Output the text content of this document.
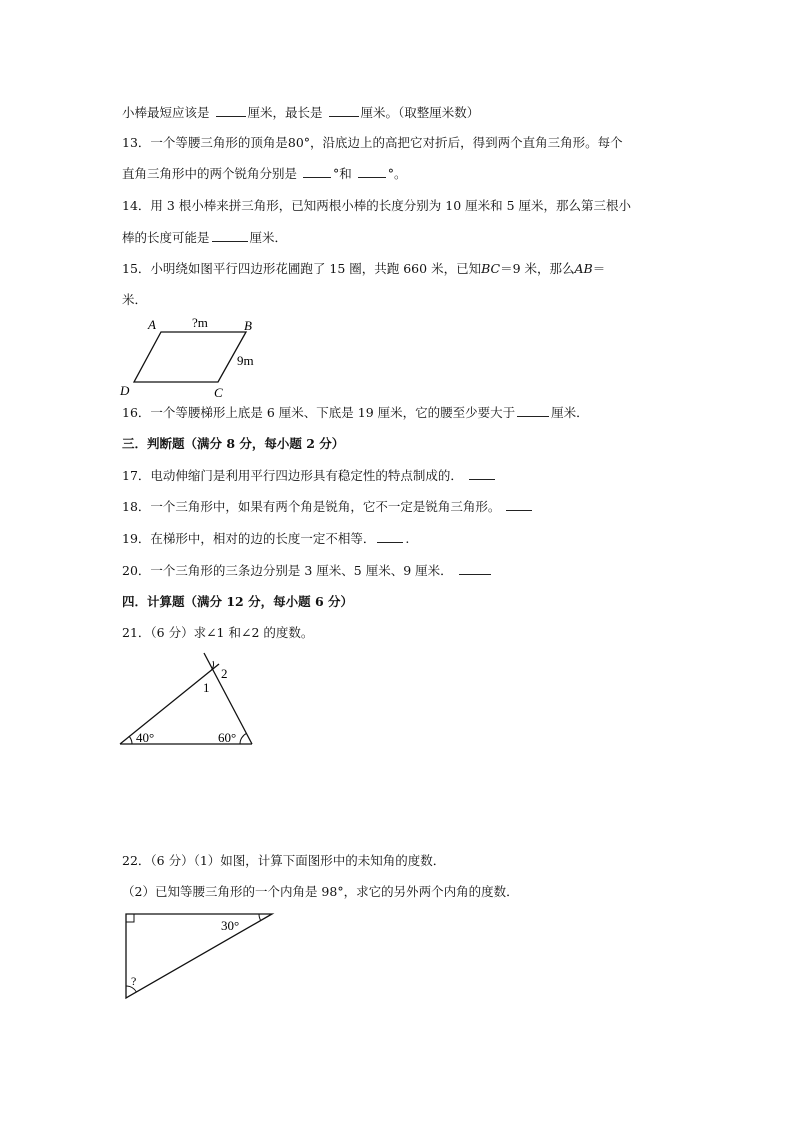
小棒最短应该是	厘米，最长是	厘米。（取整厘米数）
13．一个等腰三角形的顶角是80°，沿底边上的高把它对折后，得到两个直角三角形。每个
直角三角形中的两个锐角分别是	°和	°。
14．用 3 根小棒来拼三角形，已知两根小棒的长度分别为 10 厘米和 5 厘米，那么第三根小
棒的长度可能是	厘米．
15．小明绕如图平行四边形花圃跑了 15 圈，共跑 660 米，已知BC＝9 米，那么AB＝
米．
A	B
C
D
?m
9m
16．一个等腰梯形上底是 6 厘米、下底是 19 厘米，它的腰至少要大于	厘米．
三．判断题（满分 8 分，每小题 2 分）
17．电动伸缩门是利用平行四边形具有稳定性的特点制成的．
18．一个三角形中，如果有两个角是锐角，它不一定是锐角三角形。
19．在梯形中，相对的边的长度一定不相等． .
20．一个三角形的三条边分别是 3 厘米、5 厘米、9 厘米．
四．计算题（满分 12 分，每小题 6 分）
21．（6 分）求∠1 和∠2 的度数。
40°	60°
1
2
22．（6 分）（1）如图，计算下面图形中的未知角的度数．
（2）已知等腰三角形的一个内角是 98°，求它的另外两个内角的度数．
30°
?
